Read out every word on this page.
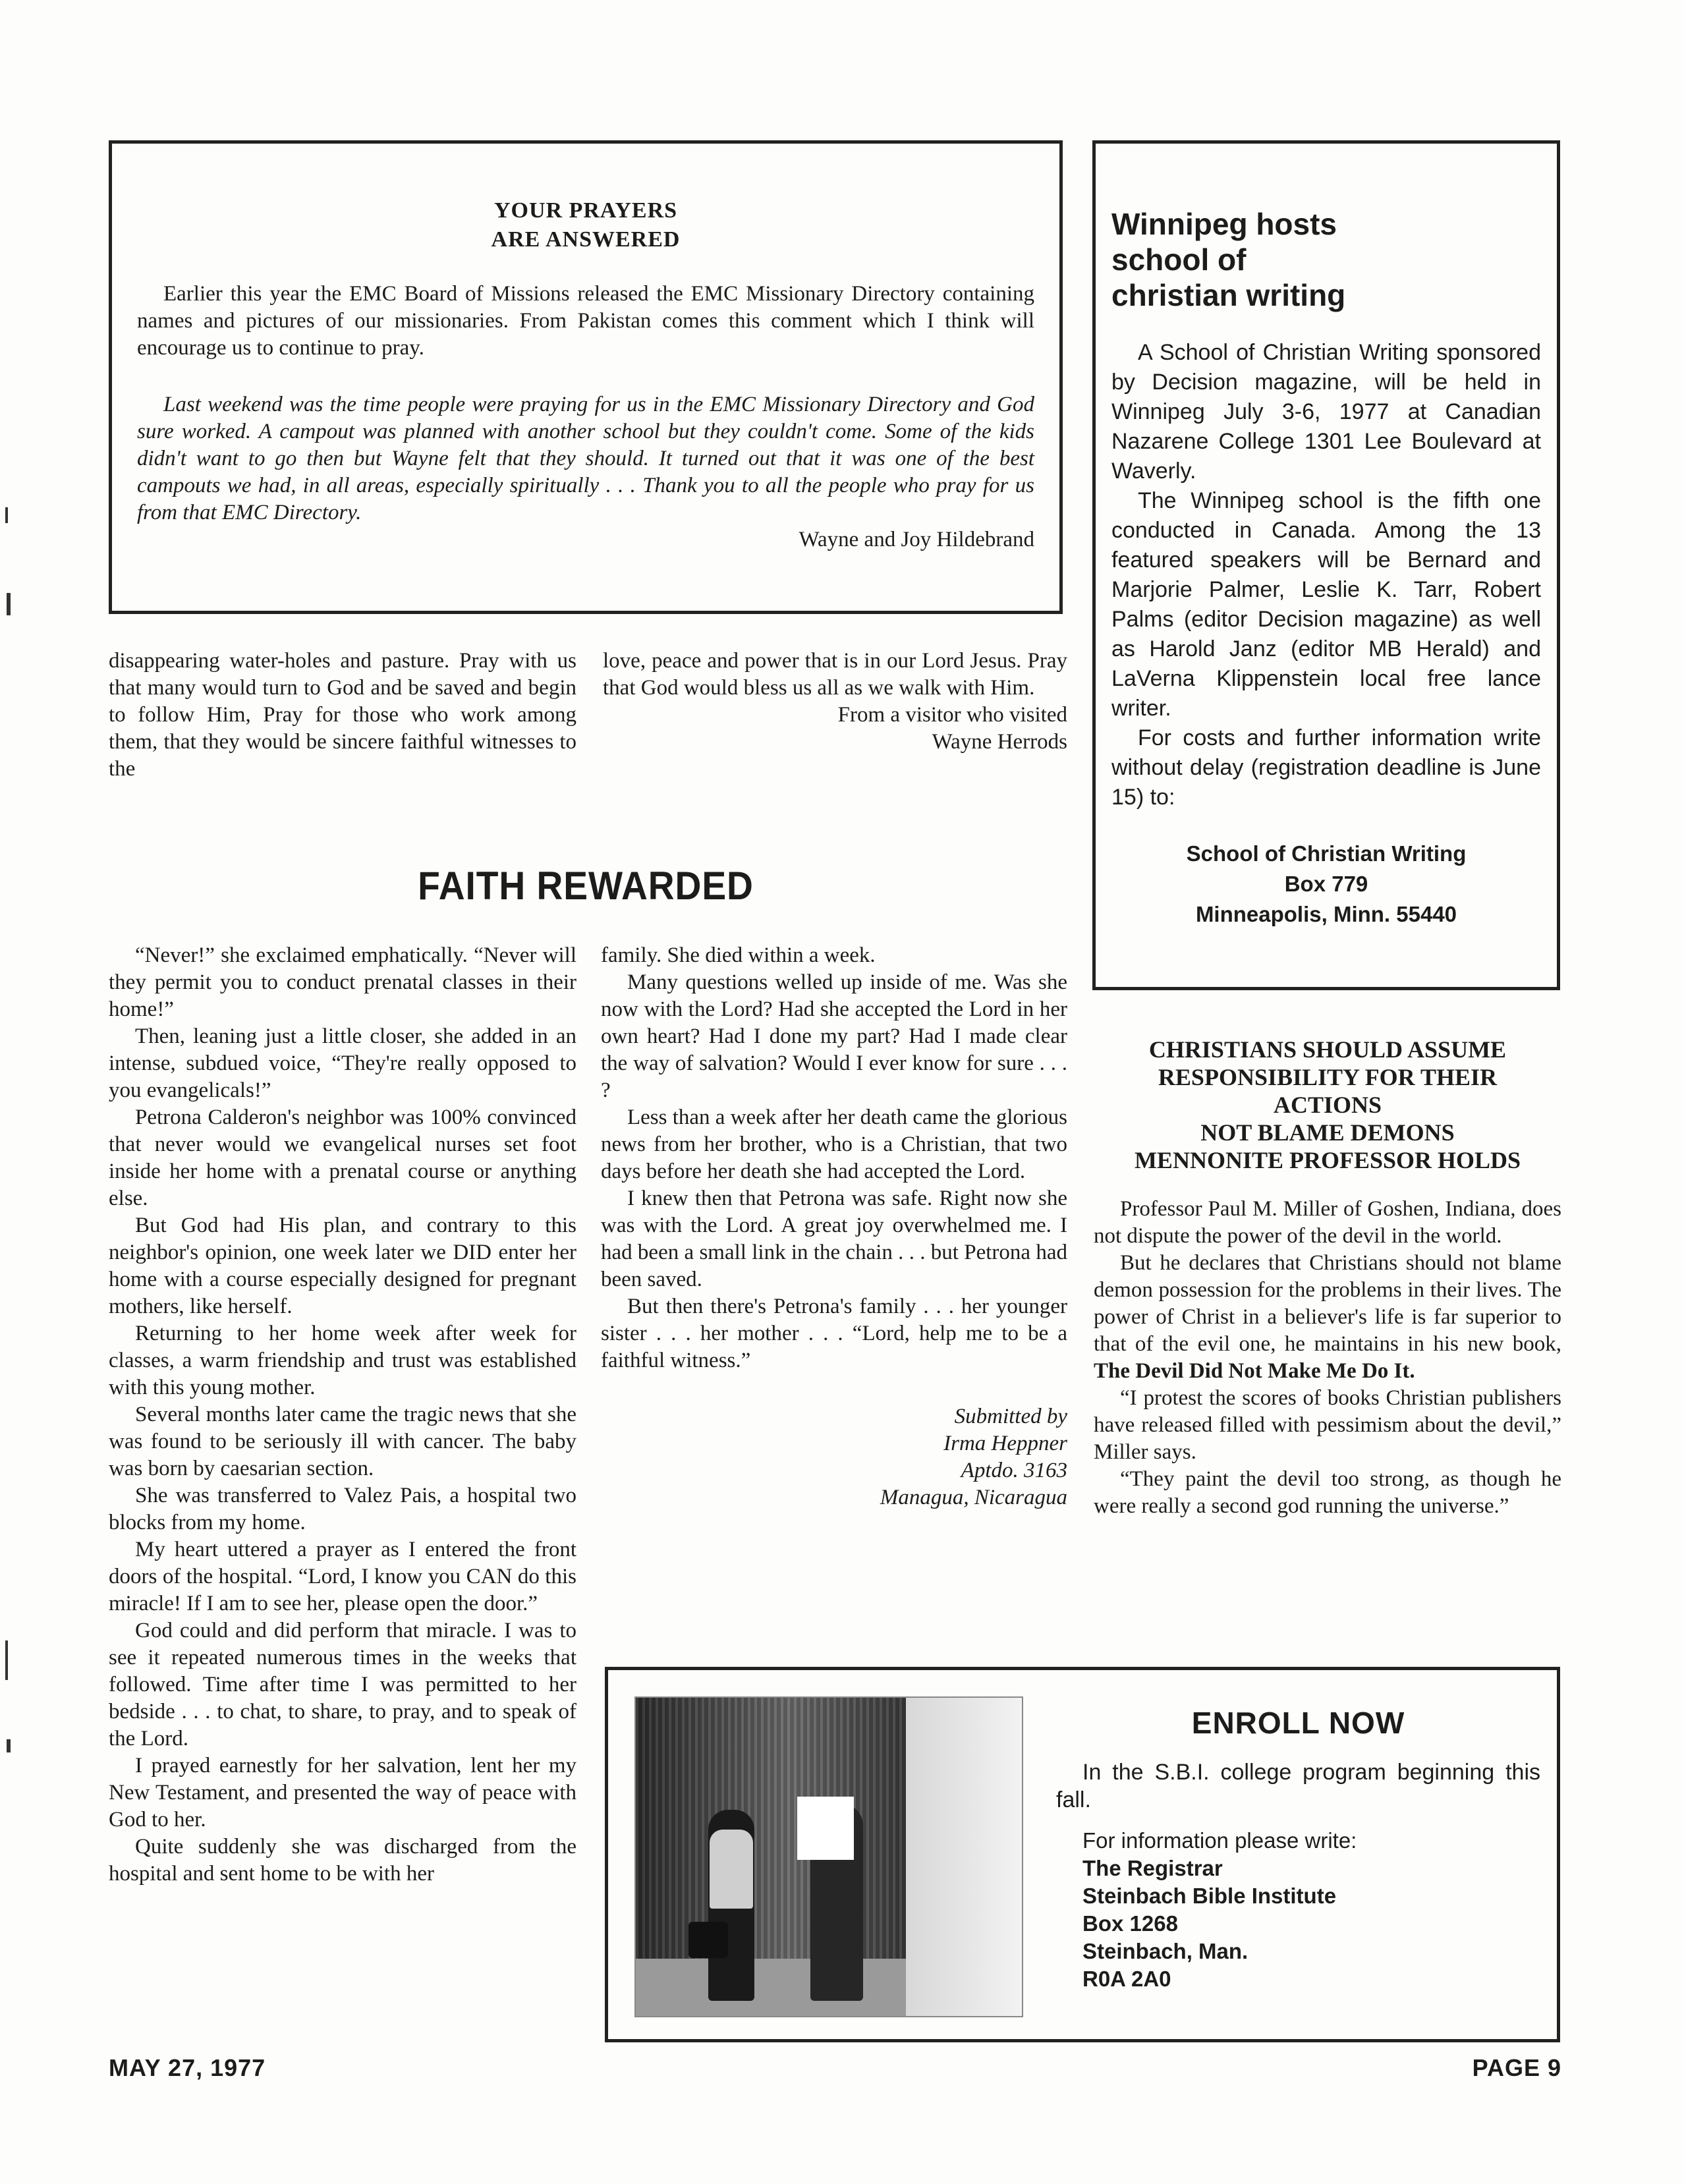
YOUR PRAYERS
ARE ANSWERED

Earlier this year the EMC Board of Missions released the EMC Missionary Directory containing names and pictures of our missionaries. From Pakistan comes this comment which I think will encourage us to continue to pray.

Last weekend was the time people were praying for us in the EMC Missionary Directory and God sure worked. A campout was planned with another school but they couldn't come. Some of the kids didn't want to go then but Wayne felt that they should. It turned out that it was one of the best campouts we had, in all areas, especially spiritually . . . Thank you to all the people who pray for us from that EMC Directory.

Wayne and Joy Hildebrand

disappearing water-holes and pasture. Pray with us that many would turn to God and be saved and begin to follow Him, Pray for those who work among them, that they would be sincere faithful witnesses to the

love, peace and power that is in our Lord Jesus. Pray that God would bless us all as we walk with Him.

From a visitor who visited
Wayne Herrods

FAITH REWARDED

“Never!” she exclaimed emphatically. “Never will they permit you to conduct prenatal classes in their home!”

Then, leaning just a little closer, she added in an intense, subdued voice, “They're really opposed to you evangelicals!”

Petrona Calderon's neighbor was 100% convinced that never would we evangelical nurses set foot inside her home with a prenatal course or anything else.

But God had His plan, and contrary to this neighbor's opinion, one week later we DID enter her home with a course especially designed for pregnant mothers, like herself.

Returning to her home week after week for classes, a warm friendship and trust was established with this young mother.

Several months later came the tragic news that she was found to be seriously ill with cancer. The baby was born by caesarian section.

She was transferred to Valez Pais, a hospital two blocks from my home.

My heart uttered a prayer as I entered the front doors of the hospital. “Lord, I know you CAN do this miracle! If I am to see her, please open the door.”

God could and did perform that miracle. I was to see it repeated numerous times in the weeks that followed. Time after time I was permitted to her bedside . . . to chat, to share, to pray, and to speak of the Lord.

I prayed earnestly for her salvation, lent her my New Testament, and presented the way of peace with God to her.

Quite suddenly she was discharged from the hospital and sent home to be with her

family. She died within a week.

Many questions welled up inside of me. Was she now with the Lord? Had she accepted the Lord in her own heart? Had I done my part? Had I made clear the way of salvation? Would I ever know for sure . . . ?

Less than a week after her death came the glorious news from her brother, who is a Christian, that two days before her death she had accepted the Lord.

I knew then that Petrona was safe. Right now she was with the Lord. A great joy overwhelmed me. I had been a small link in the chain . . . but Petrona had been saved.

But then there's Petrona's family . . . her younger sister . . . her mother . . . “Lord, help me to be a faithful witness.”

Submitted by
Irma Heppner
Aptdo. 3163
Managua, Nicaragua
Winnipeg hosts
school of
christian writing

A School of Christian Writing sponsored by Decision magazine, will be held in Winnipeg July 3-6, 1977 at Canadian Nazarene College 1301 Lee Boulevard at Waverly.

The Winnipeg school is the fifth one conducted in Canada. Among the 13 featured speakers will be Bernard and Marjorie Palmer, Leslie K. Tarr, Robert Palms (editor Decision magazine) as well as Harold Janz (editor MB Herald) and LaVerna Klippenstein local free lance writer.

For costs and further information write without delay (registration deadline is June 15) to:

School of Christian Writing
Box 779
Minneapolis, Minn. 55440
CHRISTIANS SHOULD ASSUME
RESPONSIBILITY FOR THEIR
ACTIONS
NOT BLAME DEMONS
MENNONITE PROFESSOR HOLDS

Professor Paul M. Miller of Goshen, Indiana, does not dispute the power of the devil in the world.

But he declares that Christians should not blame demon possession for the problems in their lives. The power of Christ in a believer's life is far superior to that of the evil one, he maintains in his new book, The Devil Did Not Make Me Do It.

“I protest the scores of books Christian publishers have released filled with pessimism about the devil,” Miller says.

“They paint the devil too strong, as though he were really a second god running the universe.”

ENROLL NOW

In the S.B.I. college program beginning this fall.

For information please write:
The Registrar
Steinbach Bible Institute
Box 1268
Steinbach, Man.
R0A 2A0
MAY 27, 1977	PAGE 9
